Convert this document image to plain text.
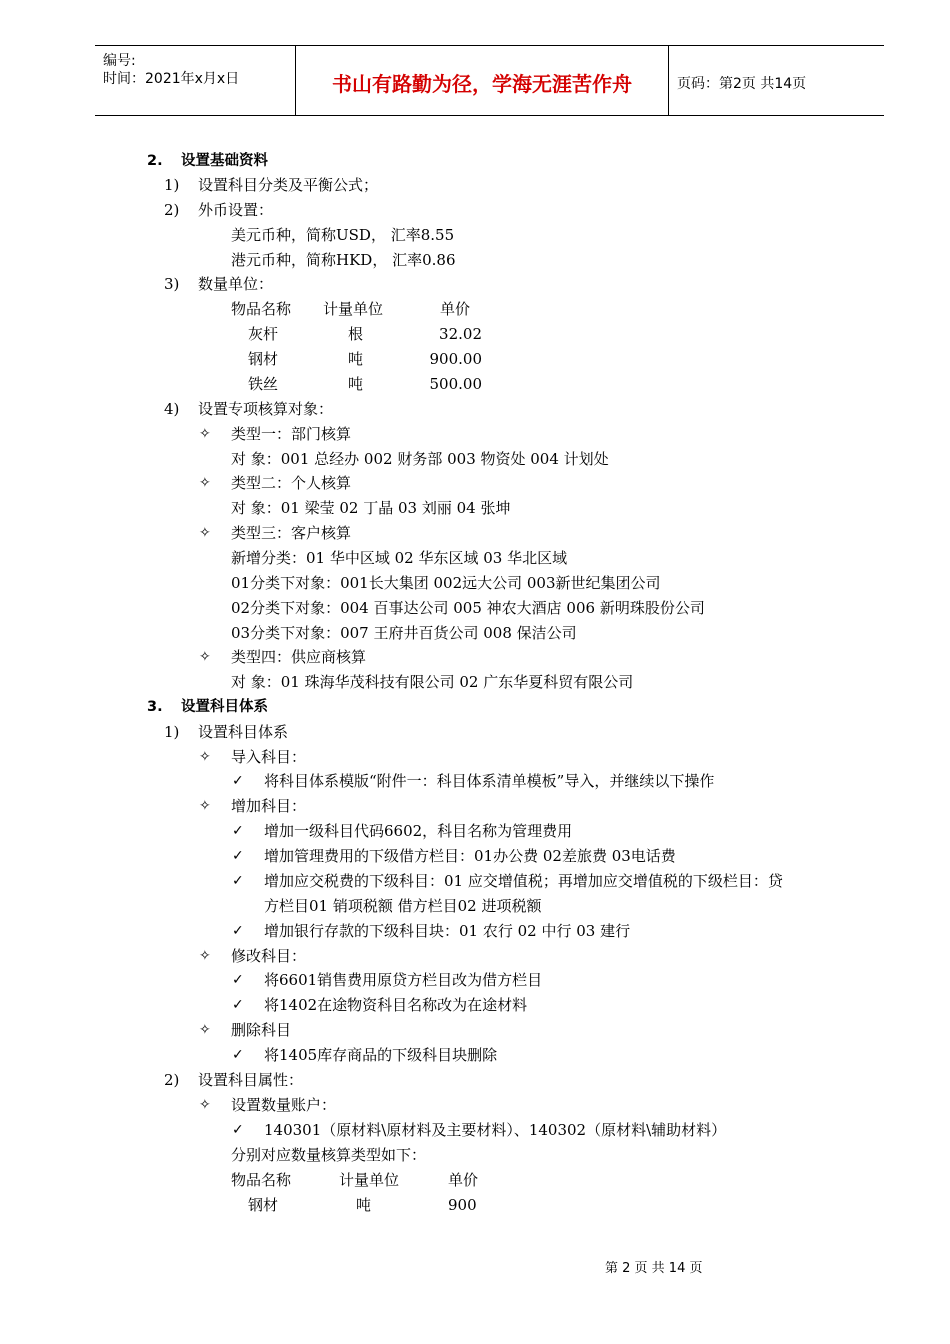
编号:
时间：2021年x月x日	书山有路勤为径，学海无涯苦作舟	页码：第2页 共14页
2. 设置基础资料
1) 设置科目分类及平衡公式；
2) 外币设置：
美元币种，简称USD， 汇率8.55
港元币种，简称HKD， 汇率0.86
3) 数量单位：
物品名称 计量单位	单价
灰杆	根	32.02
钢材	吨	900.00
铁丝	吨	500.00
4) 设置专项核算对象：
✧ 类型一：部门核算
对 象：001 总经办 002 财务部 003 物资处 004 计划处
✧ 类型二：个人核算
对 象：01 梁莹 02 丁晶 03 刘丽 04 张坤
✧ 类型三：客户核算
新增分类：01 华中区域 02 华东区域 03 华北区域
01分类下对象：001长大集团 002远大公司 003新世纪集团公司
02分类下对象：004 百事达公司 005 神农大酒店 006 新明珠股份公司
03分类下对象：007 王府井百货公司 008 保洁公司
✧ 类型四：供应商核算
对 象：01 珠海华茂科技有限公司 02 广东华夏科贸有限公司
3. 设置科目体系
1) 设置科目体系
✧ 导入科目：
✓ 将科目体系模版“附件一：科目体系清单模板”导入，并继续以下操作
✧ 增加科目：
✓ 增加一级科目代码6602，科目名称为管理费用
✓ 增加管理费用的下级借方栏目：01办公费 02差旅费 03电话费
✓ 增加应交税费的下级科目：01 应交增值税；再增加应交增值税的下级栏目：贷
方栏目01 销项税额 借方栏目02 进项税额
✓ 增加银行存款的下级科目块：01 农行 02 中行 03 建行
✧ 修改科目：
✓ 将6601销售费用原贷方栏目改为借方栏目
✓ 将1402在途物资科目名称改为在途材料
✧ 删除科目
✓ 将1405库存商品的下级科目块删除
2) 设置科目属性：
✧ 设置数量账户：
✓ 140301（原材料\原材料及主要材料）、140302（原材料\辅助材料）
分别对应数量核算类型如下：
物品名称	计量单位	单价
钢材	吨	900
第 2 页 共 14 页
